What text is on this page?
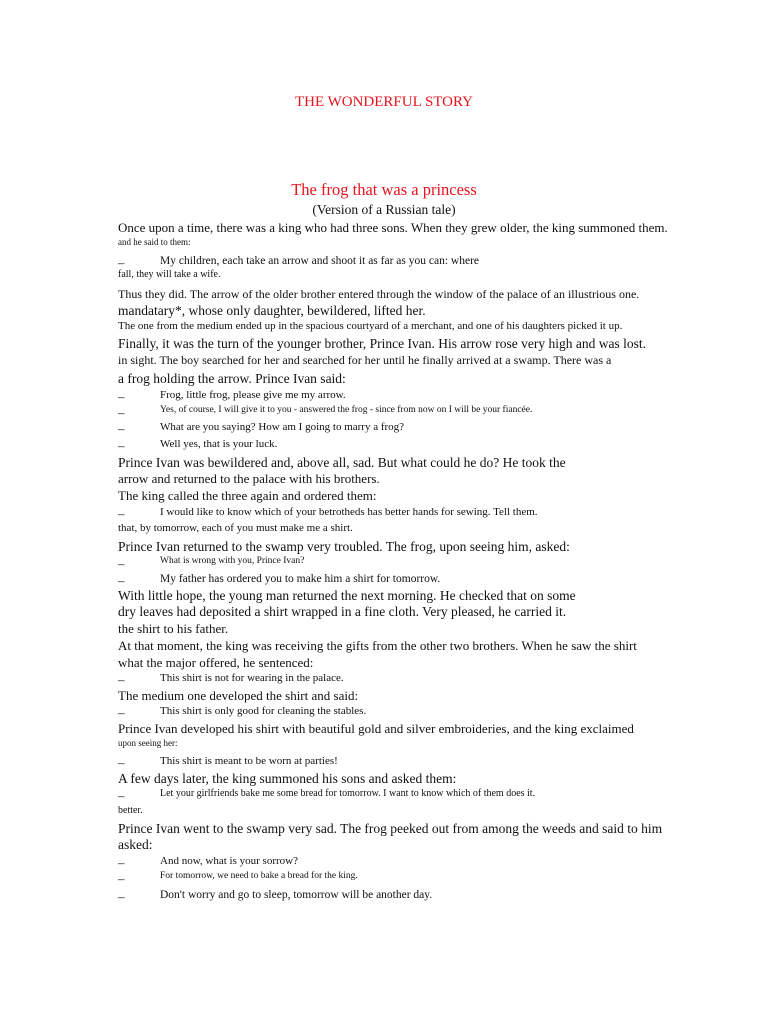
THE WONDERFUL STORY
The frog that was a princess
(Version of a Russian tale)
Once upon a time, there was a king who had three sons. When they grew older, the king summoned them.
and he said to them:
–	My children, each take an arrow and shoot it as far as you can: where
fall, they will take a wife.
Thus they did. The arrow of the older brother entered through the window of the palace of an illustrious one.
mandatary*, whose only daughter, bewildered, lifted her.
The one from the medium ended up in the spacious courtyard of a merchant, and one of his daughters picked it up.
Finally, it was the turn of the younger brother, Prince Ivan. His arrow rose very high and was lost.
in sight. The boy searched for her and searched for her until he finally arrived at a swamp. There was a
a frog holding the arrow. Prince Ivan said:
–	Frog, little frog, please give me my arrow.
–	Yes, of course, I will give it to you - answered the frog - since from now on I will be your fiancée.
–	What are you saying? How am I going to marry a frog?
–	Well yes, that is your luck.
Prince Ivan was bewildered and, above all, sad. But what could he do? He took the
arrow and returned to the palace with his brothers.
The king called the three again and ordered them:
–	I would like to know which of your betrotheds has better hands for sewing. Tell them.
that, by tomorrow, each of you must make me a shirt.
Prince Ivan returned to the swamp very troubled. The frog, upon seeing him, asked:
–	What is wrong with you, Prince Ivan?
–	My father has ordered you to make him a shirt for tomorrow.
With little hope, the young man returned the next morning. He checked that on some
dry leaves had deposited a shirt wrapped in a fine cloth. Very pleased, he carried it.
the shirt to his father.
At that moment, the king was receiving the gifts from the other two brothers. When he saw the shirt
what the major offered, he sentenced:
–	This shirt is not for wearing in the palace.
The medium one developed the shirt and said:
–	This shirt is only good for cleaning the stables.
Prince Ivan developed his shirt with beautiful gold and silver embroideries, and the king exclaimed
upon seeing her:
–	This shirt is meant to be worn at parties!
A few days later, the king summoned his sons and asked them:
–	Let your girlfriends bake me some bread for tomorrow. I want to know which of them does it.
better.
Prince Ivan went to the swamp very sad. The frog peeked out from among the weeds and said to him
asked:
–	And now, what is your sorrow?
–	For tomorrow, we need to bake a bread for the king.
–	Don't worry and go to sleep, tomorrow will be another day.
